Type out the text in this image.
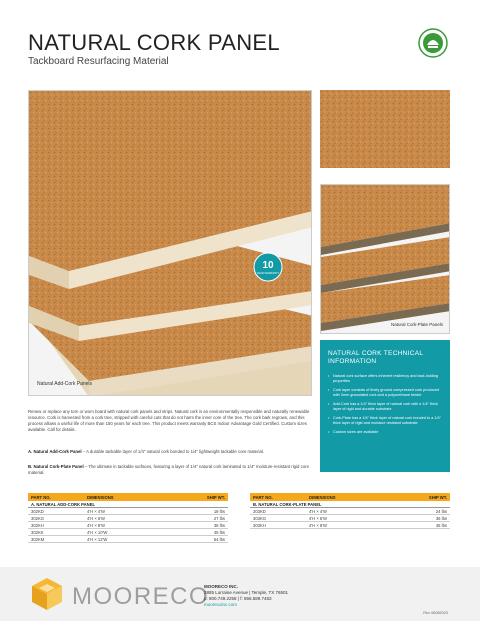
NATURAL CORK PANEL
Tackboard Resurfacing Material
Natural Add-Cork Panels
10
YEAR WARRANTY
Natural Cork-Plate Panels
NATURAL CORK TECHNICAL INFORMATION
• Natural cork surface offers inherent resiliency and tack-holding properties
• Cork layer consists of finely ground compressed cork produced with 3mm granulated cork and a polyurethane binder
• Add-Cork has a 1/4" thick layer of natural cork with a 1/4" thick layer of rigid and durable substrate
• Cork-Plate has a 1/4" thick layer of natural cork bonded to a 1/4" thick layer of rigid and moisture resistant substrate
• Custom sizes are available
Renew or replace any torn or worn board with natural cork panels and strips. Natural cork is an environmentally responsible and naturally renewable resource. Cork is harvested from a cork tree, stripped with careful cuts that do not harm the inner core of the tree. The cork bark regrows, and this process allows a useful life of more than 150 years for each tree. This product meets warranty BCS Indoor Advantage Gold Certified. Custom sizes available. Call for details.
A. Natural Add-Cork Panel – A durable tackable layer of 1/4" natural cork bonded to 1/4" lightweight tackable core material.
B. Natural Cork-Plate Panel – The ultimate in tackable surfaces, featuring a layer of 1/4" natural cork laminated to 1/4" moisture-resistant rigid core material.
PART NO.	DIMENSIONS	SHIP WT.
A. NATURAL ADD-CORK PANEL
302KD	4'H × 4'W	18 lbs
302KG	4'H × 6'W	27 lbs
302KH	4'H × 8'W	36 lbs
302KK	4'H × 10'W	45 lbs
302KM	4'H × 12'W	54 lbs
PART NO.	DIMENSIONS	SHIP WT.
B. NATURAL CORK-PLATE PANEL
303KD	4'H × 4'W	24 lbs
303KG	4'H × 6'W	36 lbs
303KH	4'H × 8'W	48 lbs
MOORECO
MOORECO INC.
2885 Lorraine Avenue | Temple, TX 76501
p: 800.749.2258 | f: 866.589.7483
moorecoinc.com
Rev 06062023
